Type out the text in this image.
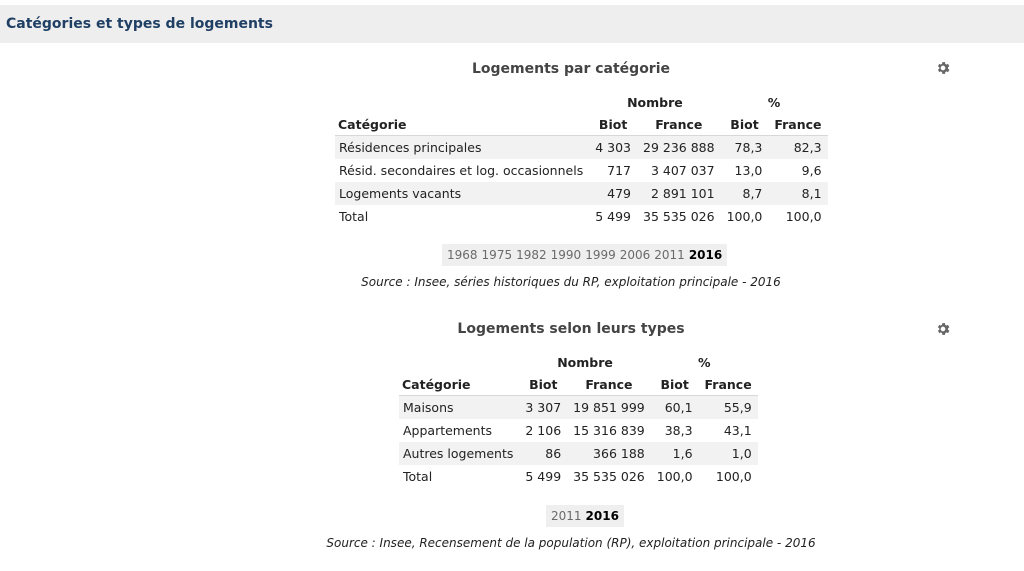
Catégories et types de logements
Logements par catégorie
	Nombre		%	
Catégorie	Biot	France	Biot	France
Résidences principales	4 303	29 236 888	78,3	82,3
Résid. secondaires et log. occasionnels	717	3 407 037	13,0	9,6
Logements vacants	479	2 891 101	8,7	8,1
Total	5 499	35 535 026	100,0	100,0
1968 1975 1982 1990 1999 2006 2011 2016
Source : Insee, séries historiques du RP, exploitation principale - 2016
Logements selon leurs types
	Nombre		%	
Catégorie	Biot	France	Biot	France
Maisons	3 307	19 851 999	60,1	55,9
Appartements	2 106	15 316 839	38,3	43,1
Autres logements	86	366 188	1,6	1,0
Total	5 499	35 535 026	100,0	100,0
2011 2016
Source : Insee, Recensement de la population (RP), exploitation principale - 2016
